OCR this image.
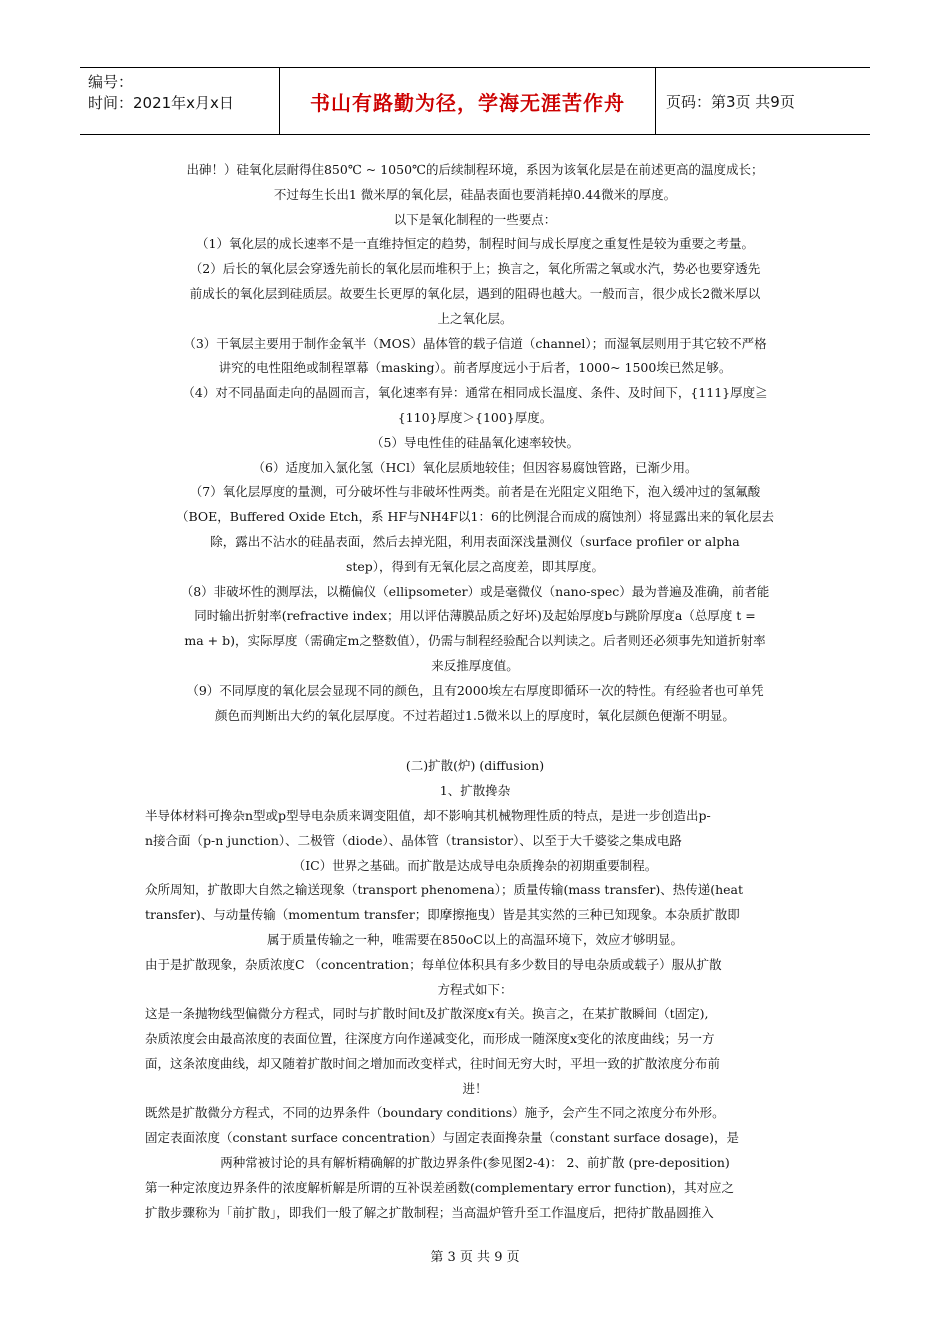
编号：
时间：2021年x月x日	书山有路勤为径，学海无涯苦作舟	页码：第3页 共9页

出砷！）硅氧化层耐得住850℃ ~ 1050℃的后续制程环境，系因为该氧化层是在前述更高的温度成长；

不过每生长出1 微米厚的氧化层，硅晶表面也要消耗掉0.44微米的厚度。

以下是氧化制程的一些要点：

（1）氧化层的成长速率不是一直维持恒定的趋势，制程时间与成长厚度之重复性是较为重要之考量。

（2）后长的氧化层会穿透先前长的氧化层而堆积于上；换言之，氧化所需之氧或水汽，势必也要穿透先

前成长的氧化层到硅质层。故要生长更厚的氧化层，遇到的阻碍也越大。一般而言，很少成长2微米厚以

上之氧化层。

（3）干氧层主要用于制作金氧半（MOS）晶体管的载子信道（channel）；而湿氧层则用于其它较不严格

讲究的电性阻绝或制程罩幕（masking）。前者厚度远小于后者，1000~ 1500埃已然足够。

（4）对不同晶面走向的晶圆而言，氧化速率有异：通常在相同成长温度、条件、及时间下，{111}厚度≧

{110}厚度＞{100}厚度。

（5）导电性佳的硅晶氧化速率较快。

（6）适度加入氯化氢（HCl）氧化层质地较佳；但因容易腐蚀管路，已渐少用。

（7）氧化层厚度的量测，可分破坏性与非破坏性两类。前者是在光阻定义阻绝下，泡入缓冲过的氢氟酸

（BOE，Buffered Oxide Etch，系 HF与NH4F以1：6的比例混合而成的腐蚀剂）将显露出来的氧化层去

除，露出不沾水的硅晶表面，然后去掉光阻，利用表面深浅量测仪（surface profiler or alpha

step），得到有无氧化层之高度差，即其厚度。

（8）非破坏性的测厚法，以椭偏仪（ellipsometer）或是毫微仪（nano-spec）最为普遍及准确，前者能

同时输出折射率(refractive index；用以评估薄膜品质之好坏)及起始厚度b与跳阶厚度a（总厚度 t =

ma + b)，实际厚度（需确定m之整数值），仍需与制程经验配合以判读之。后者则还必须事先知道折射率

来反推厚度值。

（9）不同厚度的氧化层会显现不同的颜色，且有2000埃左右厚度即循环一次的特性。有经验者也可单凭

颜色而判断出大约的氧化层厚度。不过若超过1.5微米以上的厚度时，氧化层颜色便渐不明显。

(二)扩散(炉) (diffusion)

1、扩散搀杂

半导体材料可搀杂n型或p型导电杂质来调变阻值，却不影响其机械物理性质的特点，是进一步创造出p-

n接合面（p-n junction）、二极管（diode）、晶体管（transistor）、以至于大千婆娑之集成电路

（IC）世界之基础。而扩散是达成导电杂质搀杂的初期重要制程。

众所周知，扩散即大自然之输送现象（transport phenomena）；质量传输(mass transfer)、热传递(heat

transfer)、与动量传输（momentum transfer；即摩擦拖曳）皆是其实然的三种已知现象。本杂质扩散即

属于质量传输之一种，唯需要在850oC以上的高温环境下，效应才够明显。

由于是扩散现象，杂质浓度C （concentration；每单位体积具有多少数目的导电杂质或载子）服从扩散

方程式如下：

这是一条抛物线型偏微分方程式，同时与扩散时间t及扩散深度x有关。换言之，在某扩散瞬间（t固定),

杂质浓度会由最高浓度的表面位置，往深度方向作递减变化，而形成一随深度x变化的浓度曲线；另一方

面，这条浓度曲线，却又随着扩散时间之增加而改变样式，往时间无穷大时，平坦一致的扩散浓度分布前

进！

既然是扩散微分方程式，不同的边界条件（boundary conditions）施予，会产生不同之浓度分布外形。

固定表面浓度（constant surface concentration）与固定表面搀杂量（constant surface dosage)，是

两种常被讨论的具有解析精确解的扩散边界条件(参见图2-4)： 2、前扩散 (pre-deposition)

第一种定浓度边界条件的浓度解析解是所谓的互补误差函数(complementary error function)，其对应之

扩散步骤称为「前扩散」，即我们一般了解之扩散制程；当高温炉管升至工作温度后，把待扩散晶圆推入

第 3 页 共 9 页
